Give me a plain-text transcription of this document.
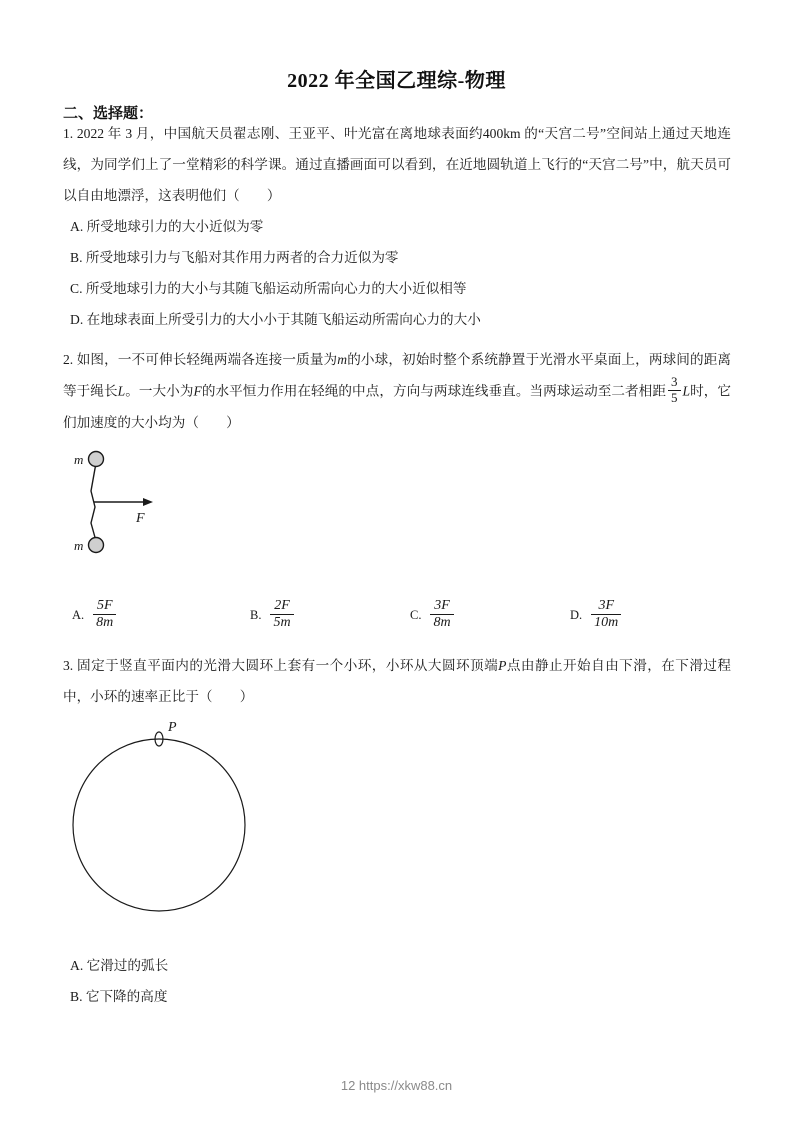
2022 年全国乙理综-物理
二、选择题：
1. 2022 年 3 月，中国航天员翟志刚、王亚平、叶光富在离地球表面约400km 的“天宫二号”空间站上通过天地连线，为同学们上了一堂精彩的科学课。通过直播画面可以看到，在近地圆轨道上飞行的“天宫二号”中，航天员可以自由地漂浮，这表明他们（　　）
A. 所受地球引力的大小近似为零
B. 所受地球引力与飞船对其作用力两者的合力近似为零
C. 所受地球引力的大小与其随飞船运动所需向心力的大小近似相等
D. 在地球表面上所受引力的大小小于其随飞船运动所需向心力的大小
2. 如图，一不可伸长轻绳两端各连接一质量为m的小球，初始时整个系统静置于光滑水平桌面上，两球间的距离等于绳长L。一大小为F的水平恒力作用在轻绳的中点，方向与两球连线垂直。当两球运动至二者相距 $\frac{3}{5}$ L时，它们加速度的大小均为（　　）
m
m
F
A. $\frac{5F}{8m}$	B. $\frac{2F}{5m}$	C. $\frac{3F}{8m}$	D. $\frac{3F}{10m}$
3. 固定于竖直平面内的光滑大圆环上套有一个小环，小环从大圆环顶端P点由静止开始自由下滑，在下滑过程中，小环的速率正比于（　　）
P
A. 它滑过的弧长
B. 它下降的高度
12 https://xkw88.cn
